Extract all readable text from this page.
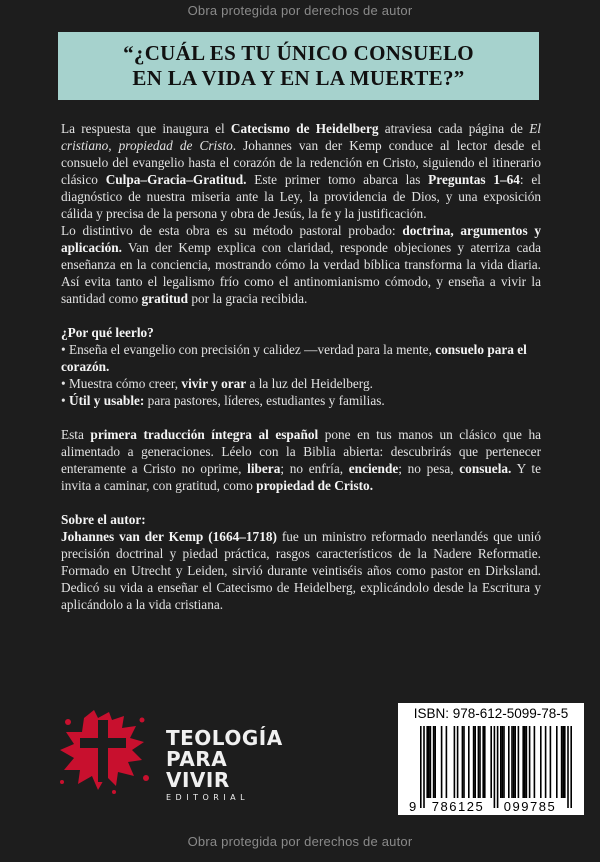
Obra protegida por derechos de autor
“¿CUÁL ES TU ÚNICO CONSUELO
EN LA VIDA Y EN LA MUERTE?”

La respuesta que inaugura el Catecismo de Heidelberg atraviesa cada página de El cristiano, propiedad de Cristo. Johannes van der Kemp conduce al lector desde el consuelo del evangelio hasta el corazón de la redención en Cristo, siguiendo el itinerario clásico Culpa–Gracia–Gratitud. Este primer tomo abarca las Preguntas 1–64: el diagnóstico de nuestra miseria ante la Ley, la providencia de Dios, y una exposición cálida y precisa de la persona y obra de Jesús, la fe y la justificación.

Lo distintivo de esta obra es su método pastoral probado: doctrina, argumentos y aplicación. Van der Kemp explica con claridad, responde objeciones y aterriza cada enseñanza en la conciencia, mostrando cómo la verdad bíblica transforma la vida diaria. Así evita tanto el legalismo frío como el antinomianismo cómodo, y enseña a vivir la santidad como gratitud por la gracia recibida.

¿Por qué leerlo?

• Enseña el evangelio con precisión y calidez —verdad para la mente, consuelo para el corazón.

• Muestra cómo creer, vivir y orar a la luz del Heidelberg.

• Útil y usable: para pastores, líderes, estudiantes y familias.

Esta primera traducción íntegra al español pone en tus manos un clásico que ha alimentado a generaciones. Léelo con la Biblia abierta: descubrirás que pertenecer enteramente a Cristo no oprime, libera; no enfría, enciende; no pesa, consuela. Y te invita a caminar, con gratitud, como propiedad de Cristo.

Sobre el autor:

Johannes van der Kemp (1664–1718) fue un ministro reformado neerlandés que unió precisión doctrinal y piedad práctica, rasgos característicos de la Nadere Reformatie. Formado en Utrecht y Leiden, sirvió durante veintiséis años como pastor en Dirksland. Dedicó su vida a enseñar el Catecismo de Heidelberg, explicándolo desde la Escritura y aplicándolo a la vida cristiana.

TEOLOGÍA
PARA VIVIR
EDITORIAL
ISBN: 978-612-5099-78-5
9 786125 099785
Obra protegida por derechos de autor
